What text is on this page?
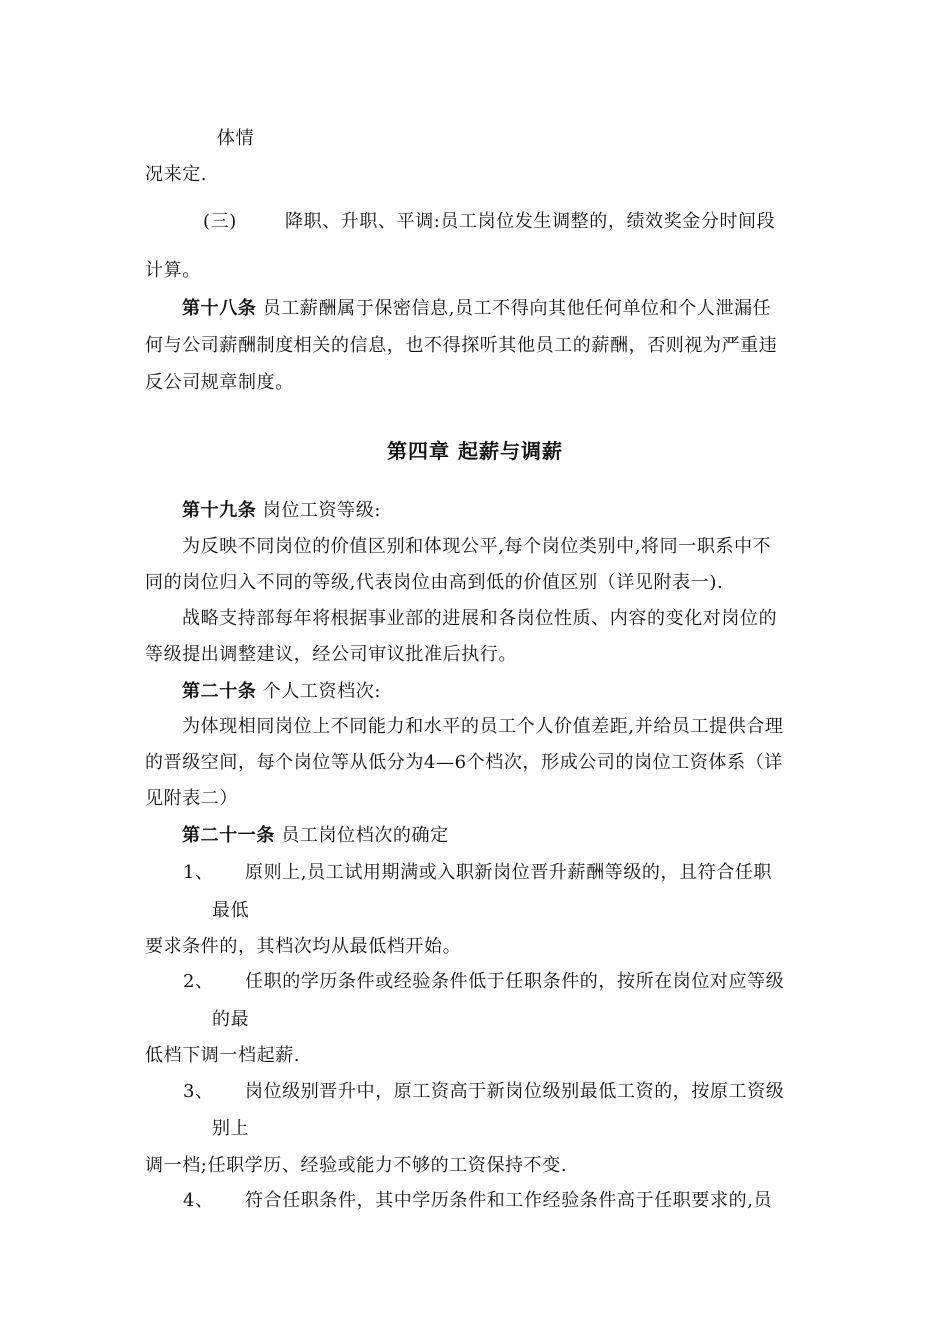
体情
况来定.
(三)	降职、升职、平调:员工岗位发生调整的，绩效奖金分时间段
计算。
第十八条 员工薪酬属于保密信息,员工不得向其他任何单位和个人泄漏任
何与公司薪酬制度相关的信息，也不得探听其他员工的薪酬，否则视为严重违
反公司规章制度。
第四章 起薪与调薪
第十九条 岗位工资等级:
为反映不同岗位的价值区别和体现公平,每个岗位类别中,将同一职系中不
同的岗位归入不同的等级,代表岗位由高到低的价值区别（详见附表一).
战略支持部每年将根据事业部的进展和各岗位性质、内容的变化对岗位的
等级提出调整建议，经公司审议批准后执行。
第二十条 个人工资档次:
为体现相同岗位上不同能力和水平的员工个人价值差距,并给员工提供合理
的晋级空间，每个岗位等从低分为4—6个档次，形成公司的岗位工资体系（详
见附表二）
第二十一条 员工岗位档次的确定
1、 原则上,员工试用期满或入职新岗位晋升薪酬等级的，且符合任职
最低
要求条件的，其档次均从最低档开始。
2、 任职的学历条件或经验条件低于任职条件的，按所在岗位对应等级
的最
低档下调一档起薪.
3、 岗位级别晋升中，原工资高于新岗位级别最低工资的，按原工资级
别上
调一档;任职学历、经验或能力不够的工资保持不变.
4、 符合任职条件，其中学历条件和工作经验条件高于任职要求的,员
